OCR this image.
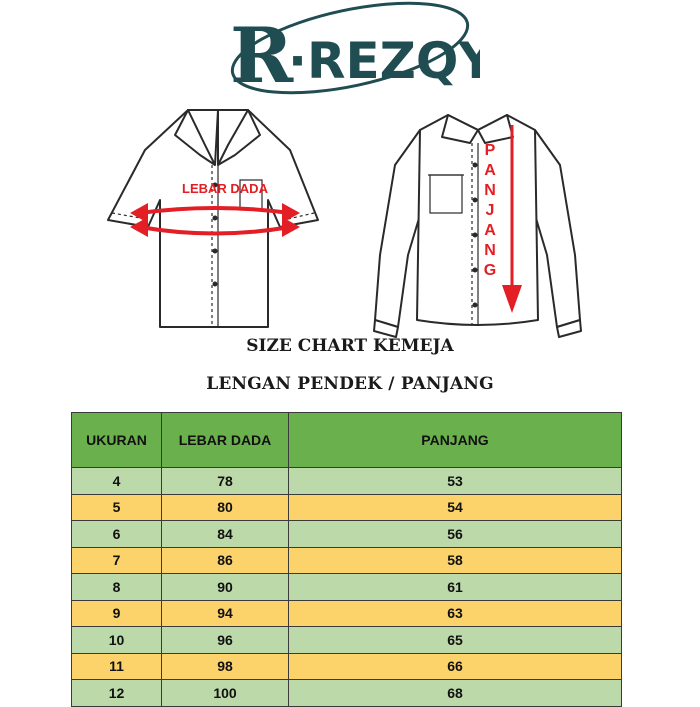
R
·REZQY
LEBAR DADA
P
A
N
J
A
N
G
SIZE CHART KEMEJA
LENGAN PENDEK / PANJANG
UKURAN	LEBAR DADA	PANJANG
4	78	53
5	80	54
6	84	56
7	86	58
8	90	61
9	94	63
10	96	65
11	98	66
12	100	68
